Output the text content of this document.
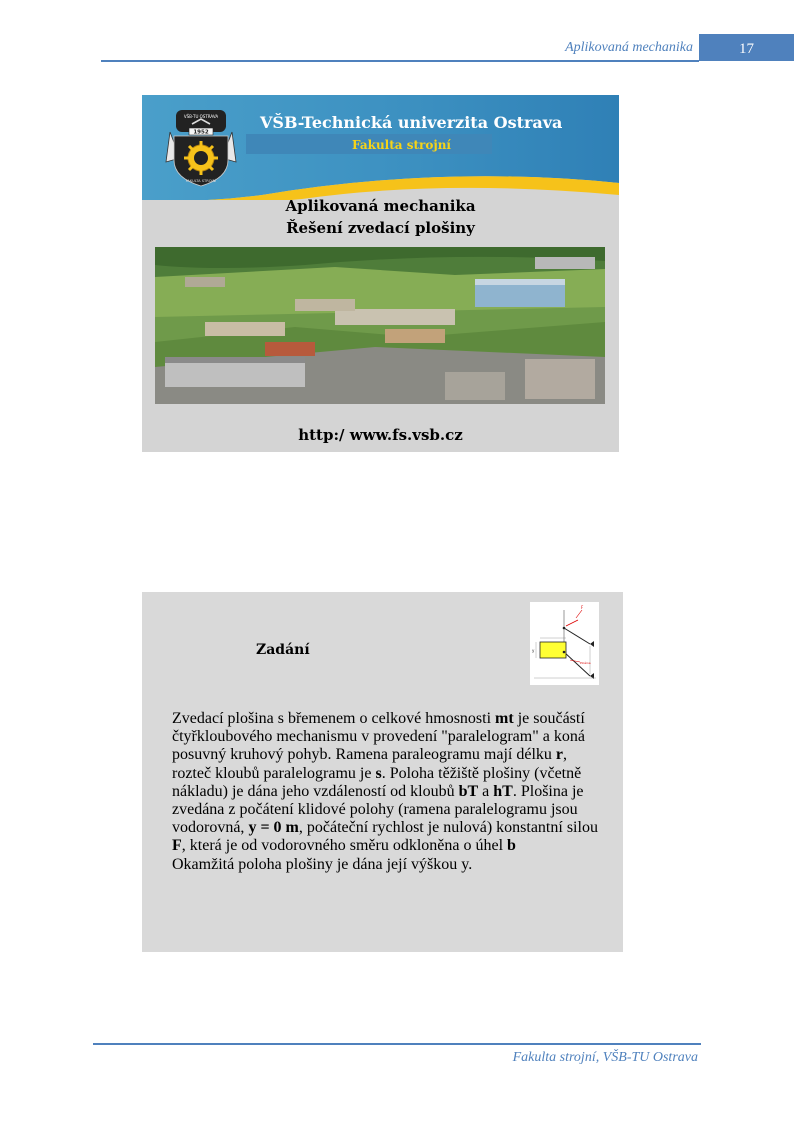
Aplikovaná mechanika	17
VŠB-Technická univerzita Ostrava
Fakulta strojní
VŠB-TU OSTRAVA
1952
FAKULTA STROJNÍ
Aplikovaná mechanika
Řešení zvedací plošiny
http:/ www.fs.vsb.cz
Zadání
F
y
Plošina

Zvedací plošina s břemenem o celkové hmosnosti mt je součástí čtyřkloubového mechanismu v provedení "paralelogram" a koná posuvný kruhový pohyb. Ramena paraleogramu mají délku r, rozteč kloubů paralelogramu je s. Poloha těžiště plošiny (včetně nákladu) je dána jeho vzdáleností od kloubů bT a hT. Plošina je zvedána z počátení klidové polohy (ramena paralelogramu jsou vodorovná, y = 0 m, počáteční rychlost je nulová) konstantní silou F, která je od vodorovného směru odkloněna o úhel b

Okamžitá poloha plošiny je dána její výškou y.

Fakulta strojní, VŠB-TU Ostrava
